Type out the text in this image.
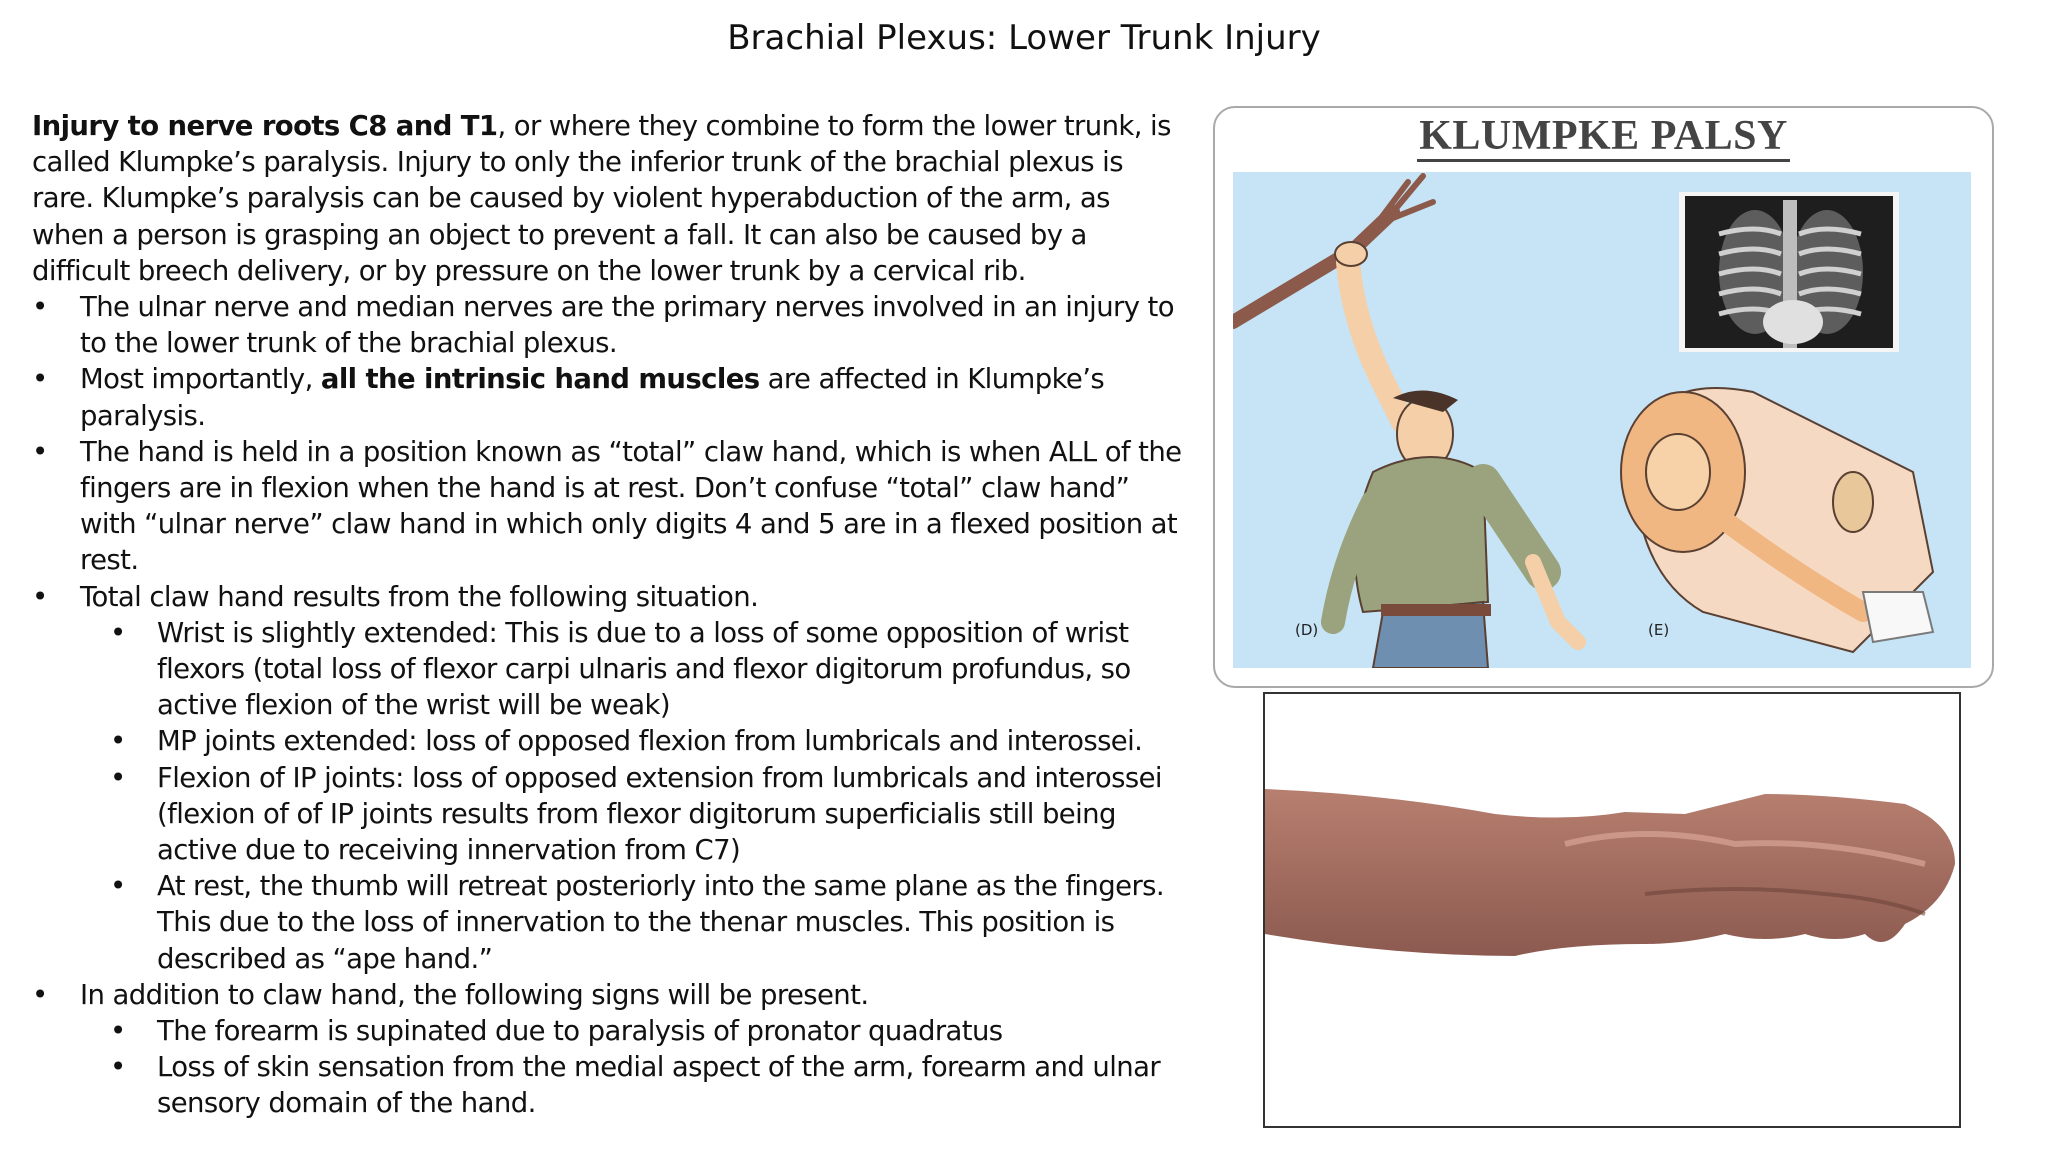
Brachial Plexus: Lower Trunk Injury

Injury to nerve roots C8 and T1, or where they combine to form the lower trunk, is called Klumpke’s paralysis. Injury to only the inferior trunk of the brachial plexus is rare. Klumpke’s paralysis can be caused by violent hyperabduction of the arm, as when a person is grasping an object to prevent a fall. It can also be caused by a difficult breech delivery, or by pressure on the lower trunk by a cervical rib.

• The ulnar nerve and median nerves are the primary nerves involved in an injury to to the lower trunk of the brachial plexus.

• Most importantly, all the intrinsic hand muscles are affected in Klumpke’s paralysis.

• The hand is held in a position known as “total” claw hand, which is when ALL of the fingers are in flexion when the hand is at rest. Don’t confuse “total” claw hand” with “ulnar nerve” claw hand in which only digits 4 and 5 are in a flexed position at rest.

• Total claw hand results from the following situation.

• Wrist is slightly extended: This is due to a loss of some opposition of wrist flexors (total loss of flexor carpi ulnaris and flexor digitorum profundus, so active flexion of the wrist will be weak)

• MP joints extended: loss of opposed flexion from lumbricals and interossei.

• Flexion of IP joints: loss of opposed extension from lumbricals and interossei (flexion of of IP joints results from flexor digitorum superficialis still being active due to receiving innervation from C7)

• At rest, the thumb will retreat posteriorly into the same plane as the fingers. This due to the loss of innervation to the thenar muscles. This position is described as “ape hand.”

• In addition to claw hand, the following signs will be present.

• The forearm is supinated due to paralysis of pronator quadratus

• Loss of skin sensation from the medial aspect of the arm, forearm and ulnar sensory domain of the hand.

KLUMPKE PALSY
(D)	(E)
